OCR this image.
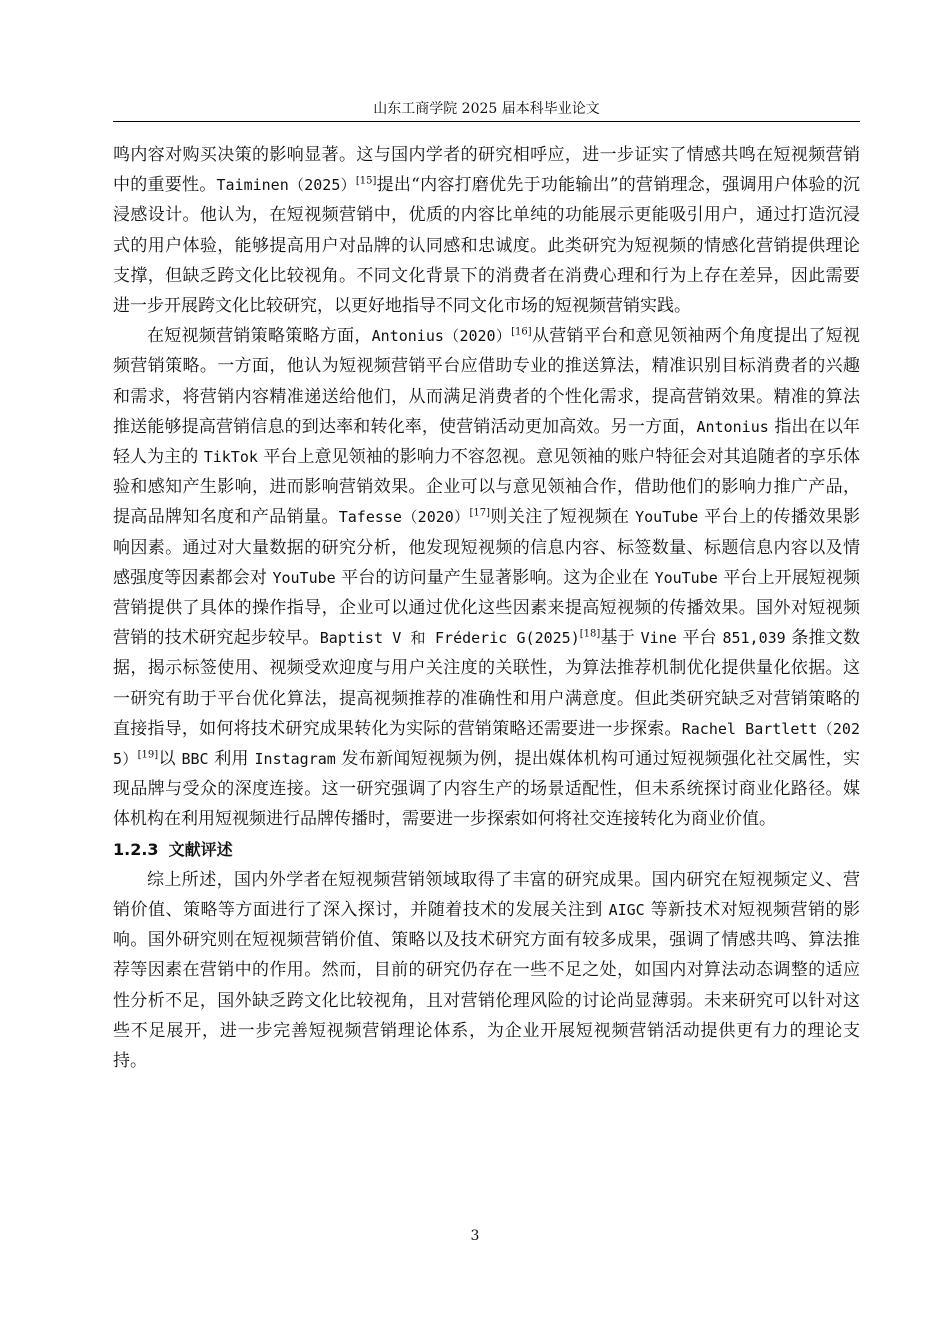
山东工商学院 2025 届本科毕业论文

鸣内容对购买决策的影响显著。这与国内学者的研究相呼应，进一步证实了情感共鸣在短视频营销中的重要性。Taiminen（2025）[15]提出“内容打磨优先于功能输出”的营销理念，强调用户体验的沉浸感设计。他认为，在短视频营销中，优质的内容比单纯的功能展示更能吸引用户，通过打造沉浸式的用户体验，能够提高用户对品牌的认同感和忠诚度。此类研究为短视频的情感化营销提供理论支撑，但缺乏跨文化比较视角。不同文化背景下的消费者在消费心理和行为上存在差异，因此需要进一步开展跨文化比较研究，以更好地指导不同文化市场的短视频营销实践。

在短视频营销策略策略方面，Antonius（2020）[16]从营销平台和意见领袖两个角度提出了短视频营销策略。一方面，他认为短视频营销平台应借助专业的推送算法，精准识别目标消费者的兴趣和需求，将营销内容精准递送给他们，从而满足消费者的个性化需求，提高营销效果。精准的算法推送能够提高营销信息的到达率和转化率，使营销活动更加高效。另一方面，Antonius 指出在以年轻人为主的 TikTok 平台上意见领袖的影响力不容忽视。意见领袖的账户特征会对其追随者的享乐体验和感知产生影响，进而影响营销效果。企业可以与意见领袖合作，借助他们的影响力推广产品，提高品牌知名度和产品销量。Tafesse（2020）[17]则关注了短视频在 YouTube 平台上的传播效果影响因素。通过对大量数据的研究分析，他发现短视频的信息内容、标签数量、标题信息内容以及情感强度等因素都会对 YouTube 平台的访问量产生显著影响。这为企业在 YouTube 平台上开展短视频营销提供了具体的操作指导，企业可以通过优化这些因素来提高短视频的传播效果。国外对短视频营销的技术研究起步较早。Baptist V 和 Fréderic G(2025)[18]基于 Vine 平台 851,039 条推文数据，揭示标签使用、视频受欢迎度与用户关注度的关联性，为算法推荐机制优化提供量化依据。这一研究有助于平台优化算法，提高视频推荐的准确性和用户满意度。但此类研究缺乏对营销策略的直接指导，如何将技术研究成果转化为实际的营销策略还需要进一步探索。Rachel Bartlett（2025）[19]以 BBC 利用 Instagram 发布新闻短视频为例，提出媒体机构可通过短视频强化社交属性，实现品牌与受众的深度连接。这一研究强调了内容生产的场景适配性，但未系统探讨商业化路径。媒体机构在利用短视频进行品牌传播时，需要进一步探索如何将社交连接转化为商业价值。

1.2.3 文献评述

综上所述，国内外学者在短视频营销领域取得了丰富的研究成果。国内研究在短视频定义、营销价值、策略等方面进行了深入探讨，并随着技术的发展关注到 AIGC 等新技术对短视频营销的影响。国外研究则在短视频营销价值、策略以及技术研究方面有较多成果，强调了情感共鸣、算法推荐等因素在营销中的作用。然而，目前的研究仍存在一些不足之处，如国内对算法动态调整的适应性分析不足，国外缺乏跨文化比较视角，且对营销伦理风险的讨论尚显薄弱。未来研究可以针对这些不足展开，进一步完善短视频营销理论体系，为企业开展短视频营销活动提供更有力的理论支持。

3
